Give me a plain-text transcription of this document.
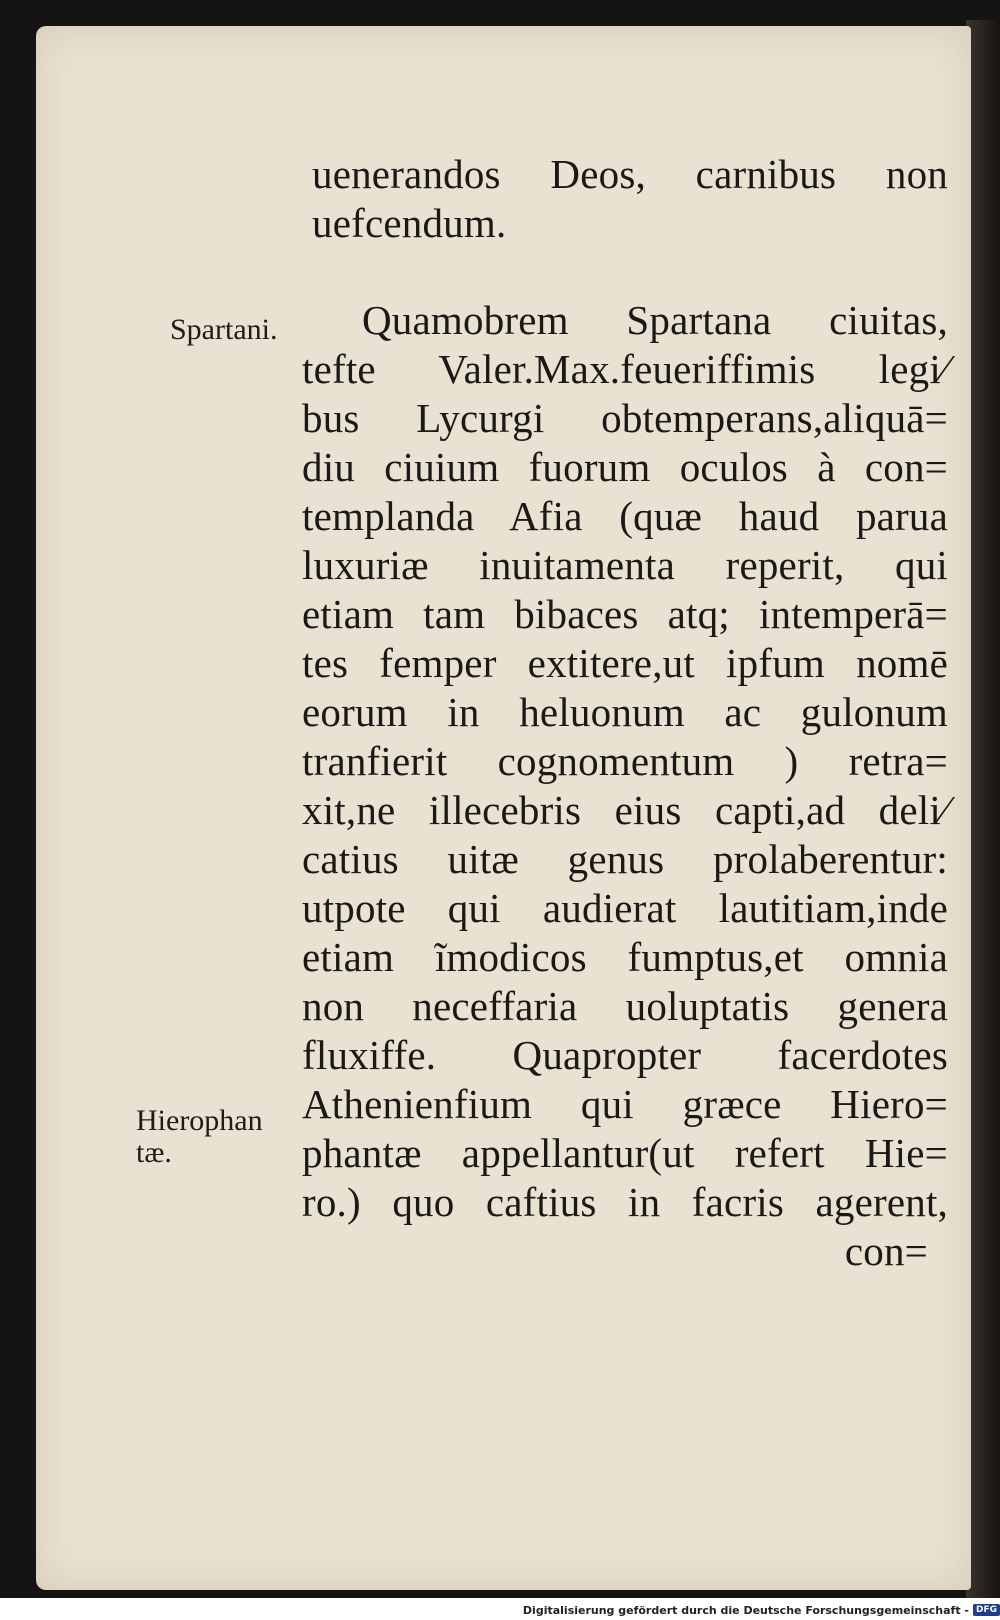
uenerandos Deos, carnibus non
uefcendum.
Quamobrem Spartana ciuitas,
tefte Valer.Max.feueriffimis legi⁄
bus Lycurgi obtemperans,aliquā=
diu ciuium fuorum oculos à con=
templanda Afia (quæ haud parua
luxuriæ inuitamenta reperit, qui
etiam tam bibaces atq; intemperā=
tes femper extitere,ut ipfum nomē
eorum in heluonum ac gulonum
tranfierit cognomentum ) retra=
xit,ne illecebris eius capti,ad deli⁄
catius uitæ genus prolaberentur:
utpote qui audierat lautitiam,inde
etiam ĩmodicos fumptus,et omnia
non neceffaria uoluptatis genera
fluxiffe. Quapropter facerdotes
Athenienfium qui græce Hiero=
phantæ appellantur(ut refert Hie=
ro.) quo caftius in facris agerent,
con=
Spartani.
Hierophan
tæ.
Digitalisierung gefördert durch die Deutsche Forschungsgemeinschaft - DFG
